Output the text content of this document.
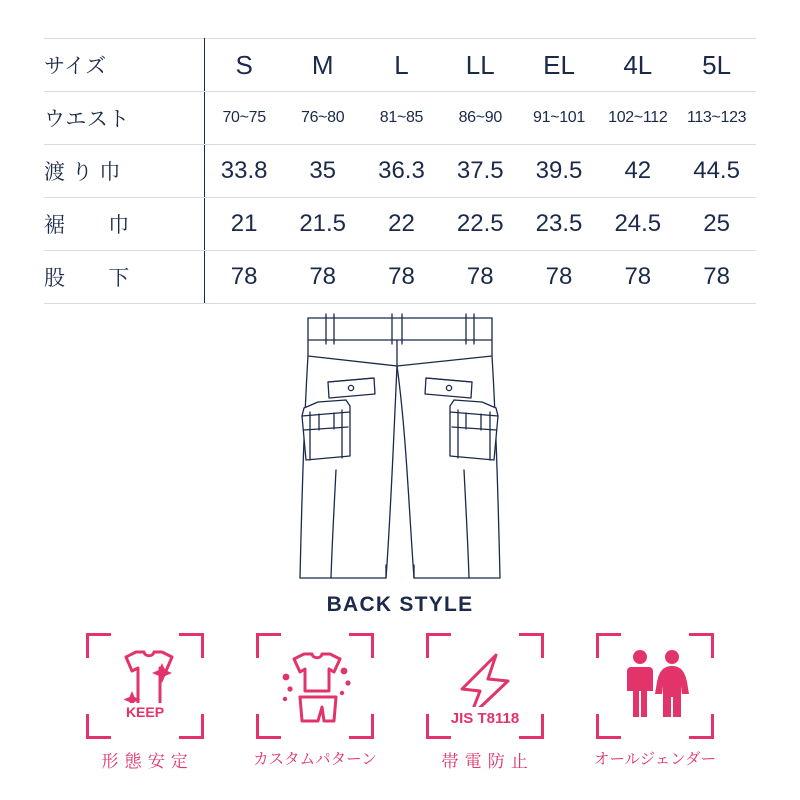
サイズ	S	M	L	LL	EL	4L	5L

ウエスト	70~75	76~80	81~85	86~90	91~101	102~112	113~123

渡 り 巾	33.8	35	36.3	37.5	39.5	42	44.5

裾　　巾	21	21.5	22	22.5	23.5	24.5	25

股　　下	78	78	78	78	78	78	78
BACK STYLE
KEEP
形 態 安 定	カスタムパターン
JIS T8118
帯 電 防 止	オールジェンダー
